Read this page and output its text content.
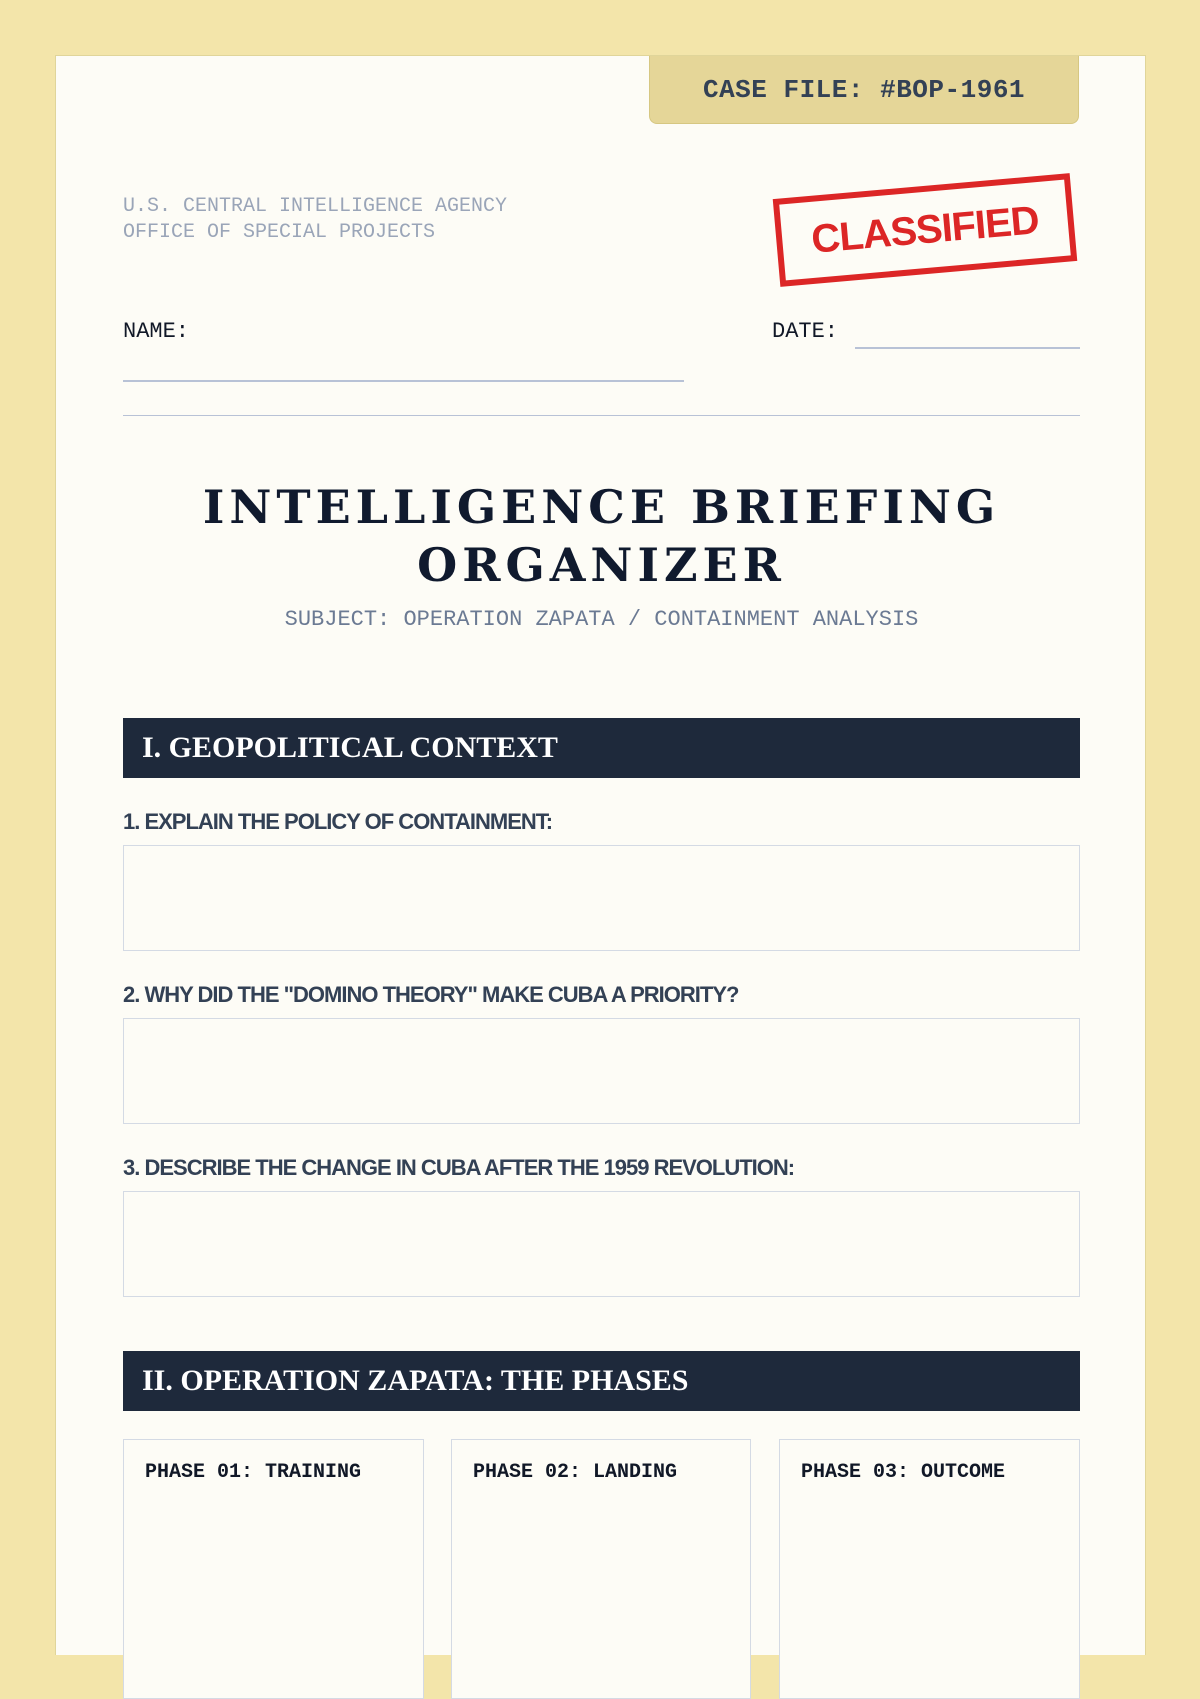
CASE FILE: #BOP-1961
U.S. CENTRAL INTELLIGENCE AGENCY
OFFICE OF SPECIAL PROJECTS	CLASSIFIED
NAME:	DATE:
INTELLIGENCE BRIEFING
ORGANIZER
SUBJECT: OPERATION ZAPATA / CONTAINMENT ANALYSIS
I. GEOPOLITICAL CONTEXT
1. EXPLAIN THE POLICY OF CONTAINMENT:
2. WHY DID THE "DOMINO THEORY" MAKE CUBA A PRIORITY?
3. DESCRIBE THE CHANGE IN CUBA AFTER THE 1959 REVOLUTION:
II. OPERATION ZAPATA: THE PHASES
PHASE 01: TRAINING	PHASE 02: LANDING	PHASE 03: OUTCOME
